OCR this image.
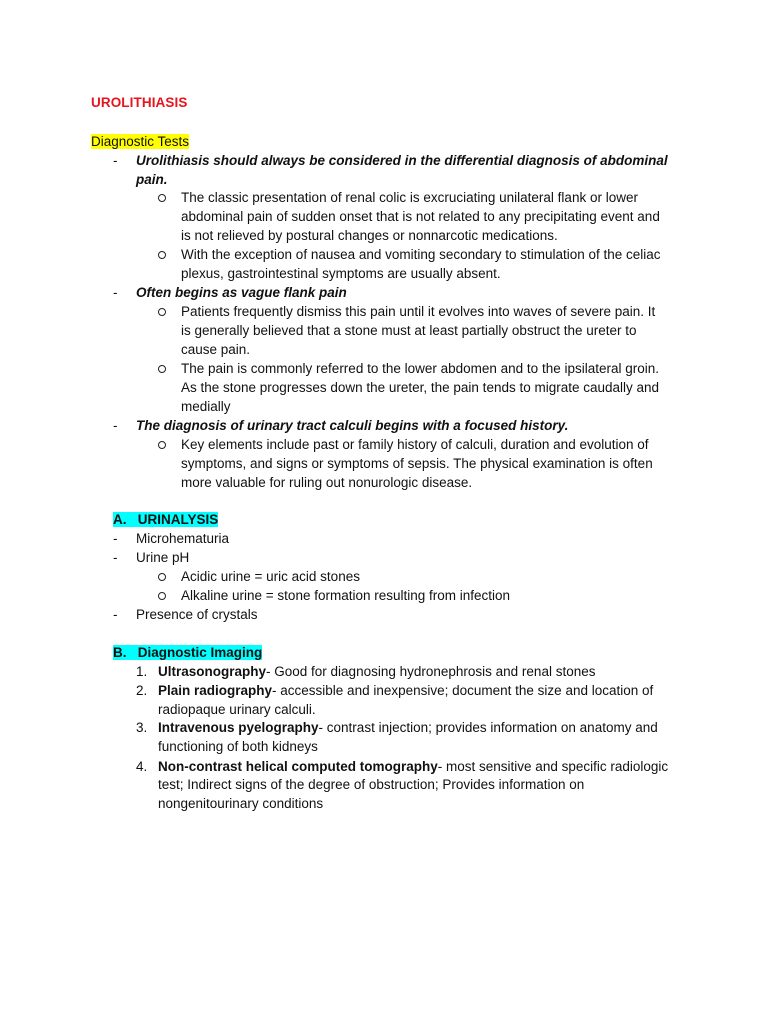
UROLITHIASIS
Diagnostic Tests
- Urolithiasis should always be considered in the differential diagnosis of abdominal
pain.
The classic presentation of renal colic is excruciating unilateral flank or lower
abdominal pain of sudden onset that is not related to any precipitating event and
is not relieved by postural changes or nonnarcotic medications.
With the exception of nausea and vomiting secondary to stimulation of the celiac
plexus, gastrointestinal symptoms are usually absent.
- Often begins as vague flank pain
Patients frequently dismiss this pain until it evolves into waves of severe pain. It
is generally believed that a stone must at least partially obstruct the ureter to
cause pain.
The pain is commonly referred to the lower abdomen and to the ipsilateral groin.
As the stone progresses down the ureter, the pain tends to migrate caudally and
medially
- The diagnosis of urinary tract calculi begins with a focused history.
Key elements include past or family history of calculi, duration and evolution of
symptoms, and signs or symptoms of sepsis. The physical examination is often
more valuable for ruling out nonurologic disease.
A. URINALYSIS
- Microhematuria
- Urine pH
Acidic urine = uric acid stones
Alkaline urine = stone formation resulting from infection
- Presence of crystals
B. Diagnostic Imaging
1. Ultrasonography- Good for diagnosing hydronephrosis and renal stones
2. Plain radiography- accessible and inexpensive; document the size and location of
radiopaque urinary calculi.
3. Intravenous pyelography- contrast injection; provides information on anatomy and
functioning of both kidneys
4. Non-contrast helical computed tomography- most sensitive and specific radiologic
test; Indirect signs of the degree of obstruction; Provides information on
nongenitourinary conditions
